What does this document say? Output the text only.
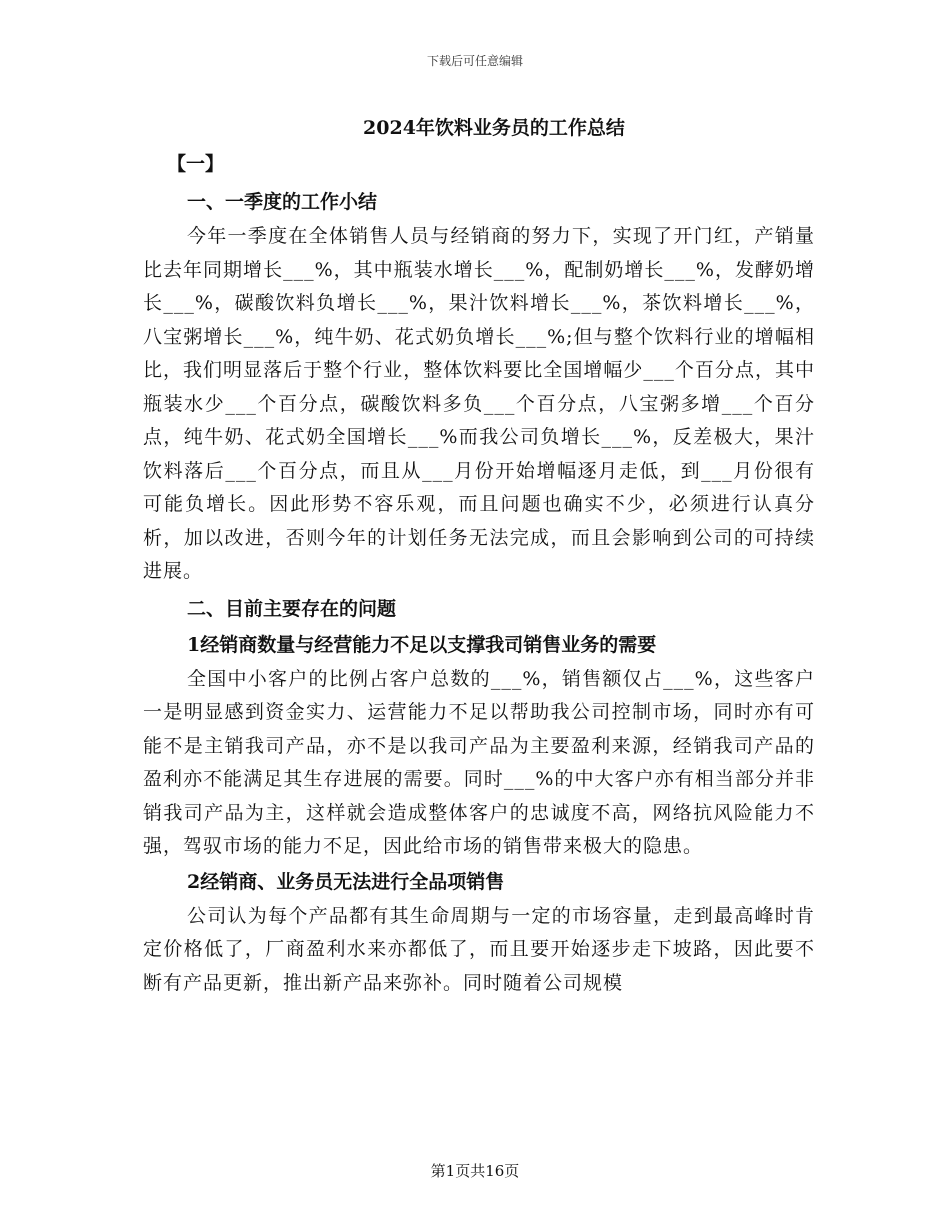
下载后可任意编辑
2024年饮料业务员的工作总结
【一】
一、一季度的工作小结

今年一季度在全体销售人员与经销商的努力下，实现了开门红，产销量比去年同期增长___%，其中瓶装水增长___%，配制奶增长___%，发酵奶增长___%，碳酸饮料负增长___%，果汁饮料增长___%，茶饮料增长___%，八宝粥增长___%，纯牛奶、花式奶负增长___%;但与整个饮料行业的增幅相比，我们明显落后于整个行业，整体饮料要比全国增幅少___个百分点，其中瓶装水少___个百分点，碳酸饮料多负___个百分点，八宝粥多增___个百分点，纯牛奶、花式奶全国增长___%而我公司负增长___%，反差极大，果汁饮料落后___个百分点，而且从___月份开始增幅逐月走低，到___月份很有可能负增长。因此形势不容乐观，而且问题也确实不少，必须进行认真分析，加以改进，否则今年的计划任务无法完成，而且会影响到公司的可持续进展。

二、目前主要存在的问题
1经销商数量与经营能力不足以支撑我司销售业务的需要

全国中小客户的比例占客户总数的___%，销售额仅占___%，这些客户一是明显感到资金实力、运营能力不足以帮助我公司控制市场，同时亦有可能不是主销我司产品，亦不是以我司产品为主要盈利来源，经销我司产品的盈利亦不能满足其生存进展的需要。同时___%的中大客户亦有相当部分并非销我司产品为主，这样就会造成整体客户的忠诚度不高，网络抗风险能力不强，驾驭市场的能力不足，因此给市场的销售带来极大的隐患。

2经销商、业务员无法进行全品项销售

公司认为每个产品都有其生命周期与一定的市场容量，走到最高峰时肯定价格低了，厂商盈利水来亦都低了，而且要开始逐步走下坡路，因此要不断有产品更新，推出新产品来弥补。同时随着公司规模

第1页共16页
